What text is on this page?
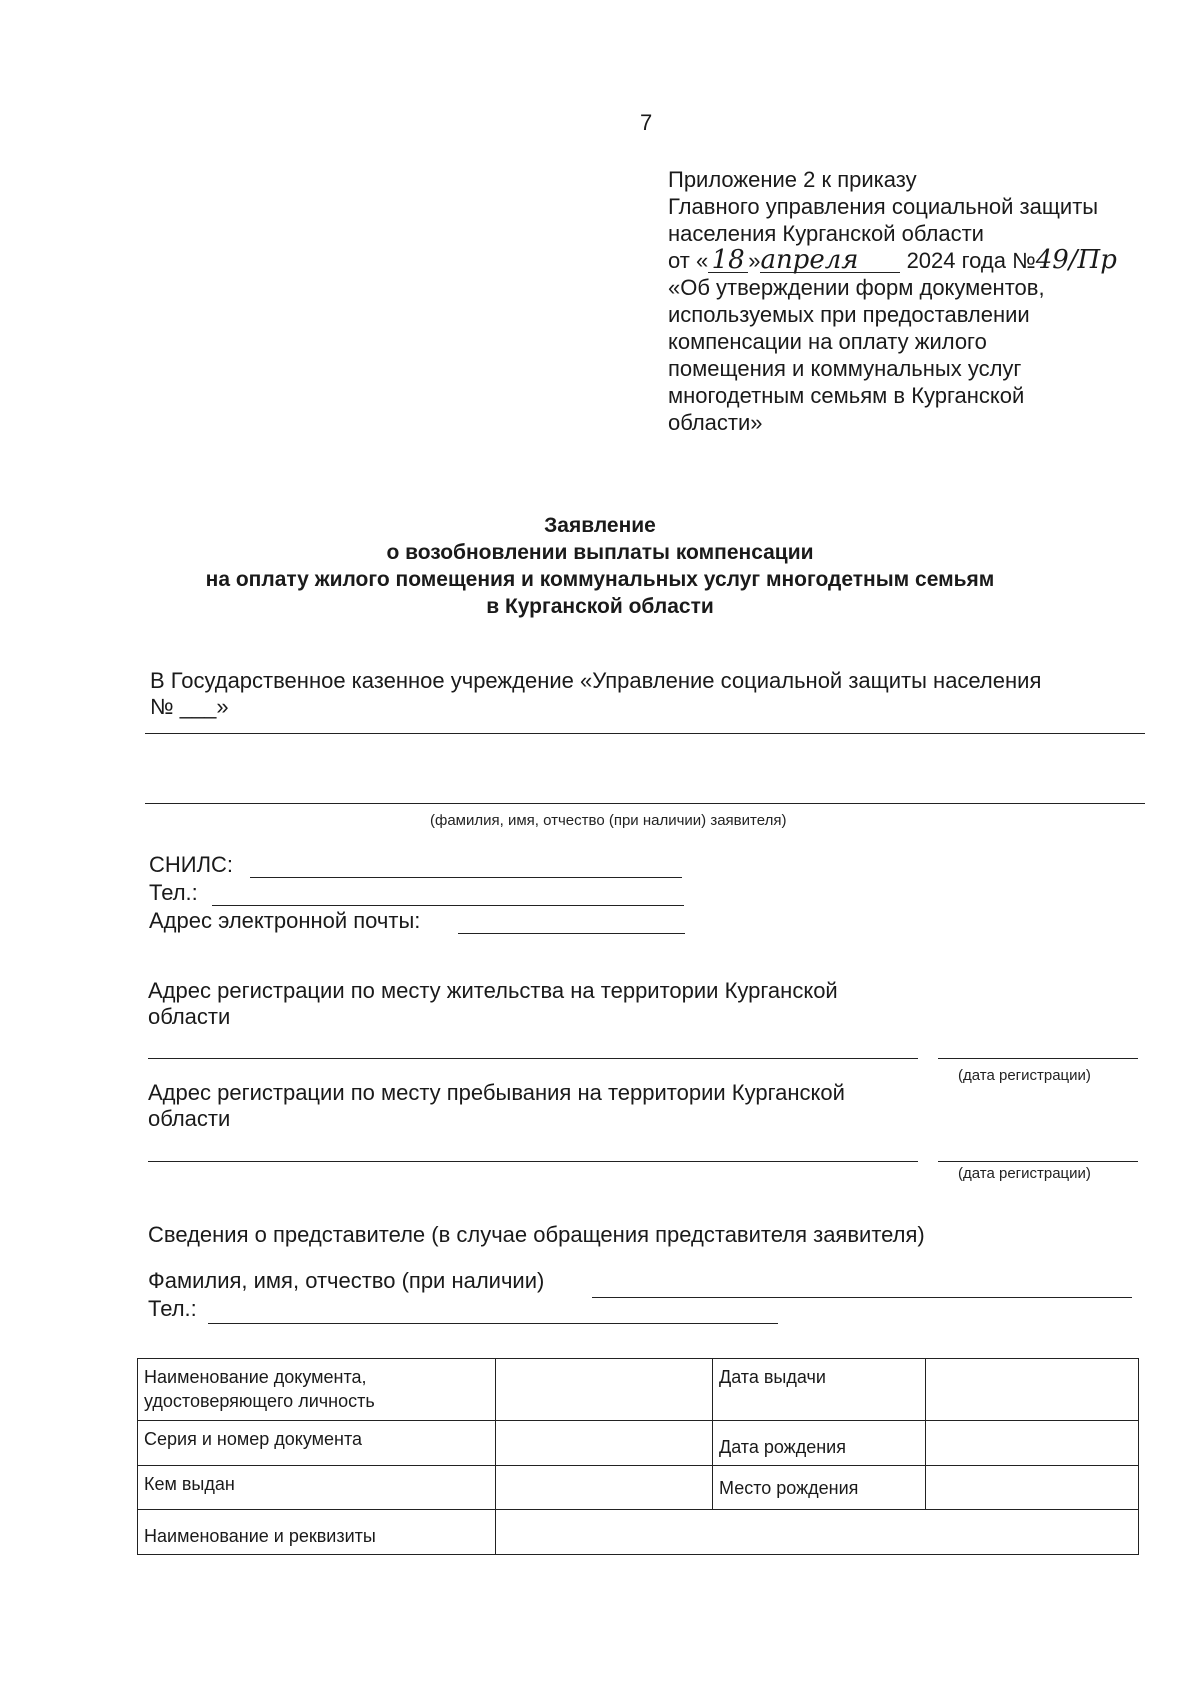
7
Приложение 2 к приказу
Главного управления социальной защиты
населения Курганской области
от « 18 »апреля 2024 года №49/Пр
«Об утверждении форм документов,
используемых при предоставлении
компенсации на оплату жилого
помещения и коммунальных услуг
многодетным семьям в Курганской
области»
Заявление
о возобновлении выплаты компенсации
на оплату жилого помещения и коммунальных услуг многодетным семьям
в Курганской области
В Государственное казенное учреждение «Управление социальной защиты населения
№ ___»
(фамилия, имя, отчество (при наличии) заявителя)
СНИЛС:
Тел.:
Адрес электронной почты:
Адрес регистрации по месту жительства на территории Курганской
области
(дата регистрации)
Адрес регистрации по месту пребывания на территории Курганской
области
(дата регистрации)
Сведения о представителе (в случае обращения представителя заявителя)
Фамилия, имя, отчество (при наличии)
Тел.:
Наименование документа,
удостоверяющего личность		Дата выдачи	
Серия и номер документа		Дата рождения	
Кем выдан		Место рождения	
Наименование и реквизиты			
